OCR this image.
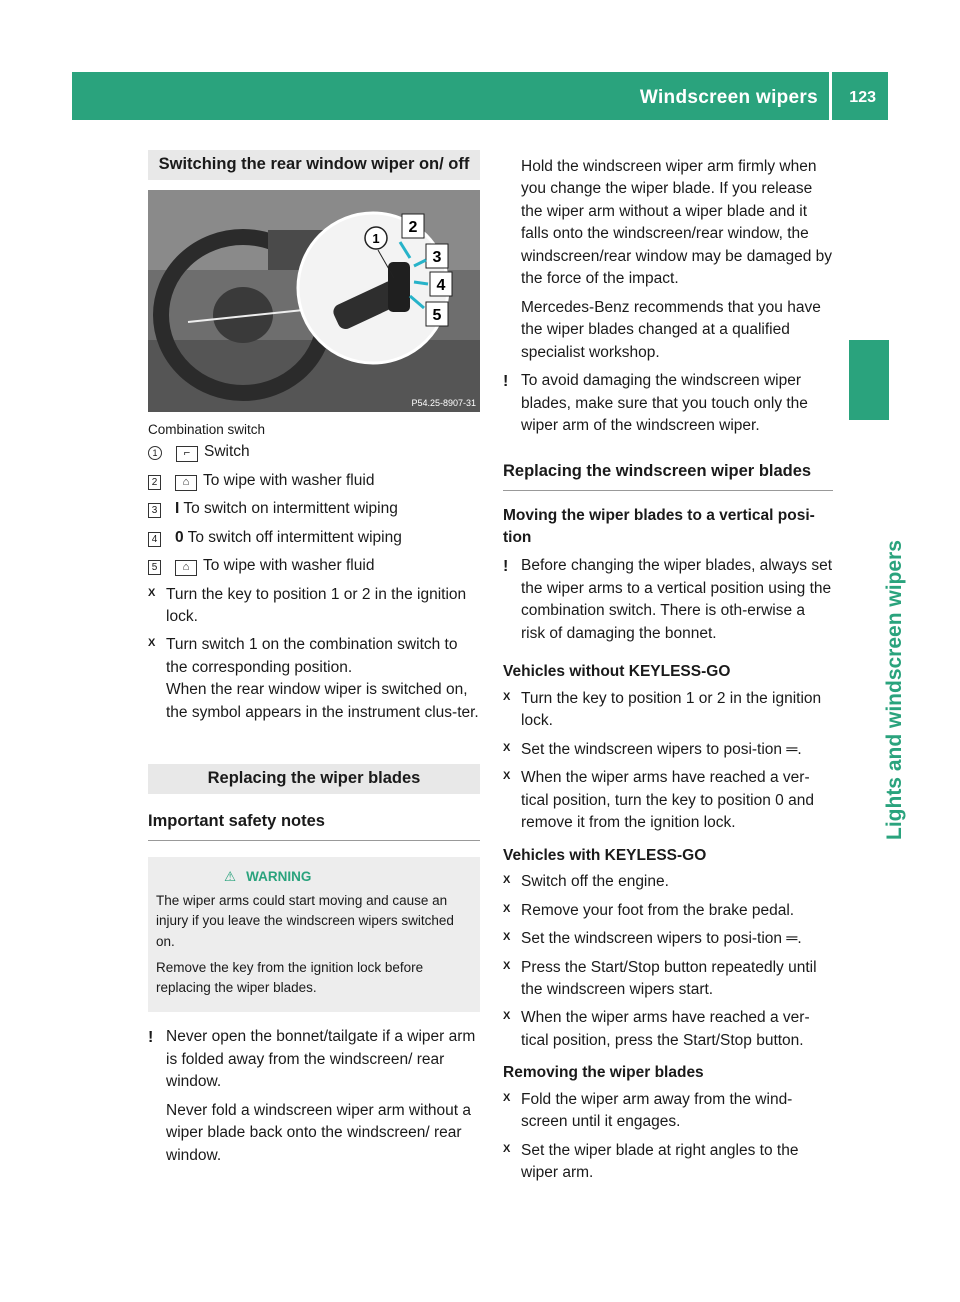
Windscreen wipers 123
Lights and windscreen wipers
Switching the rear window wiper on/ off
1
2
3
4
5
P54.25-8907-31
Combination switch
1	⌐ Switch
2	⌂ To wipe with washer fluid
3 I To switch on intermittent wiping
4 0 To switch off intermittent wiping
5	⌂ To wipe with washer fluid
X

Turn the key to position 1 or 2 in the ignition lock.

X

Turn switch 1 on the combination switch to the corresponding position.

When the rear window wiper is switched on, the symbol appears in the instrument clus-ter.

Replacing the wiper blades
Important safety notes
⚠ WARNING

The wiper arms could start moving and cause an injury if you leave the windscreen wipers switched on.

Remove the key from the ignition lock before replacing the wiper blades.

! Never open the bonnet/tailgate if a wiper arm is folded away from the windscreen/ rear window.

Never fold a windscreen wiper arm without a wiper blade back onto the windscreen/ rear window.

Hold the windscreen wiper arm firmly when you change the wiper blade. If you release the wiper arm without a wiper blade and it falls onto the windscreen/rear window, the windscreen/rear window may be damaged by the force of the impact.

Mercedes-Benz recommends that you have the wiper blades changed at a qualified specialist workshop.

! To avoid damaging the windscreen wiper blades, make sure that you touch only the wiper arm of the windscreen wiper.

Replacing the windscreen wiper blades
Moving the wiper blades to a vertical posi-tion
! Before changing the wiper blades, always set the wiper arms to a vertical position using the combination switch. There is oth-erwise a risk of damaging the bonnet.

Vehicles without KEYLESS-GO
X

Turn the key to position 1 or 2 in the ignition lock.

X

Set the windscreen wipers to posi-tion ═.

X

When the wiper arms have reached a ver-tical position, turn the key to position 0 and remove it from the ignition lock.

Vehicles with KEYLESS-GO
X

Switch off the engine.

X

Remove your foot from the brake pedal.

X

Set the windscreen wipers to posi-tion ═.

X

Press the Start/Stop button repeatedly until the windscreen wipers start.

X

When the wiper arms have reached a ver-tical position, press the Start/Stop button.

Removing the wiper blades
X

Fold the wiper arm away from the wind-screen until it engages.

X

Set the wiper blade at right angles to the wiper arm.
